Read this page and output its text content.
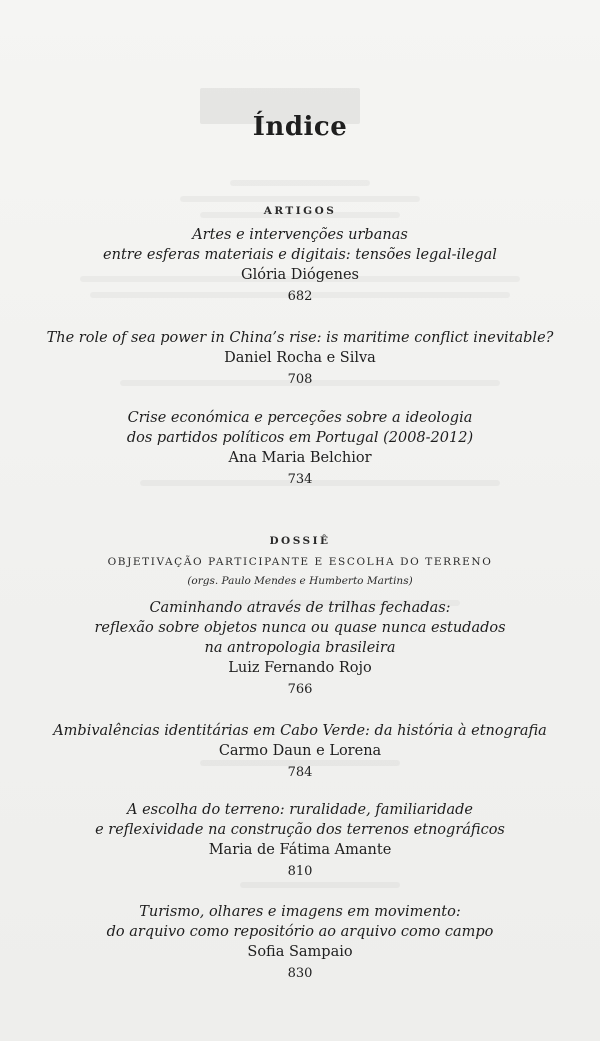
Índice
ARTIGOS
Artes e intervenções urbanas
entre esferas materiais e digitais: tensões legal-ilegal
Glória Diógenes
682
The role of sea power in China’s rise: is maritime conflict inevitable?
Daniel Rocha e Silva
708
Crise económica e perceções sobre a ideologia
dos partidos políticos em Portugal (2008-2012)
Ana Maria Belchior
734
DOSSIÊ
OBJETIVAÇÃO PARTICIPANTE E ESCOLHA DO TERRENO
(orgs. Paulo Mendes e Humberto Martins)
Caminhando através de trilhas fechadas:
reflexão sobre objetos nunca ou quase nunca estudados
na antropologia brasileira
Luiz Fernando Rojo
766
Ambivalências identitárias em Cabo Verde: da história à etnografia
Carmo Daun e Lorena
784
A escolha do terreno: ruralidade, familiaridade
e reflexividade na construção dos terrenos etnográficos
Maria de Fátima Amante
810
Turismo, olhares e imagens em movimento:
do arquivo como repositório ao arquivo como campo
Sofia Sampaio
830
